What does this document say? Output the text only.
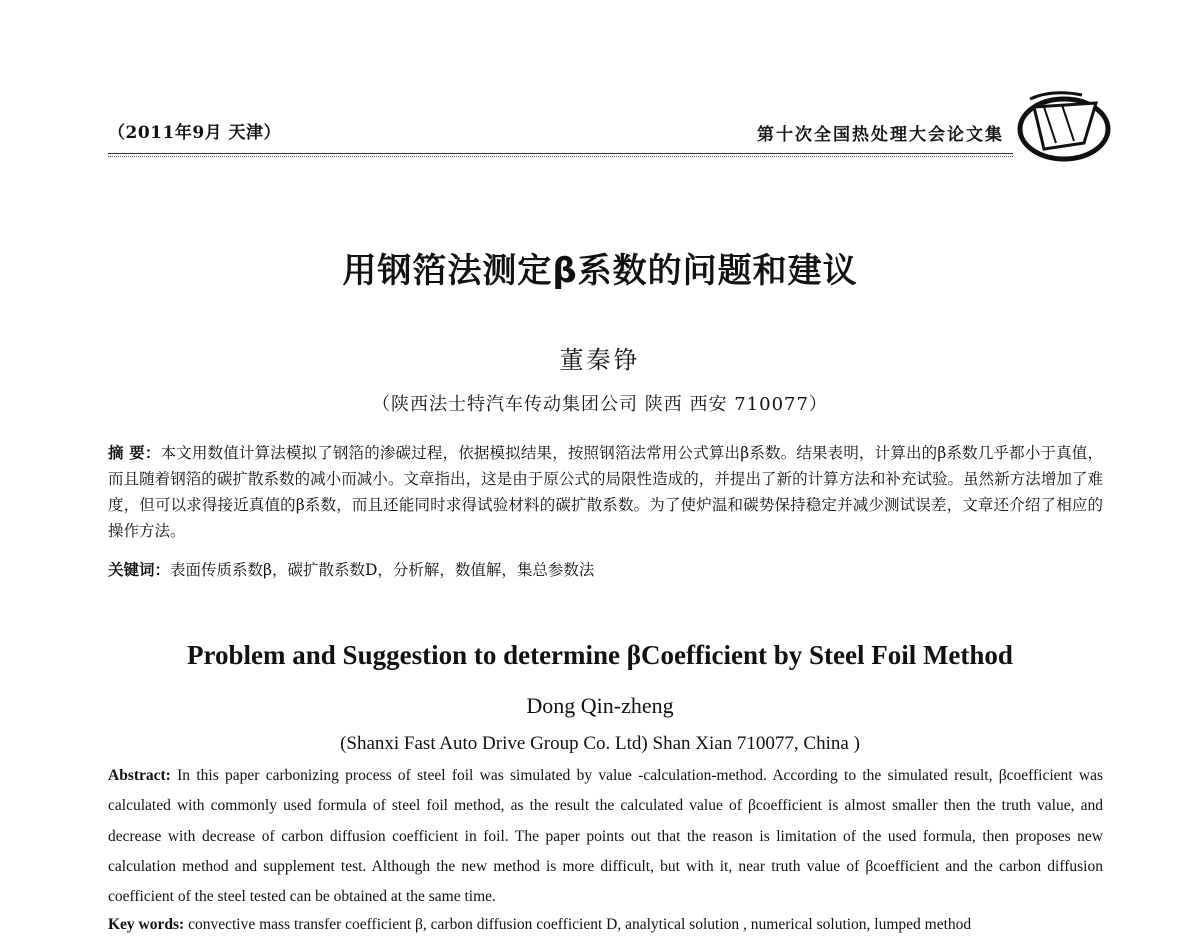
（2011年9月 天津）	第十次全国热处理大会论文集
用钢箔法测定β系数的问题和建议
董秦铮
（陕西法士特汽车传动集团公司 陕西 西安 710077）
摘 要：本文用数值计算法模拟了钢箔的渗碳过程，依据模拟结果，按照钢箔法常用公式算出β系数。结果表明，计算出的β系数几乎都小于真值，而且随着钢箔的碳扩散系数的减小而减小。文章指出，这是由于原公式的局限性造成的，并提出了新的计算方法和补充试验。虽然新方法增加了难度，但可以求得接近真值的β系数，而且还能同时求得试验材料的碳扩散系数。为了使炉温和碳势保持稳定并减少测试误差，文章还介绍了相应的操作方法。
关键词：表面传质系数β，碳扩散系数D，分析解，数值解，集总参数法
Problem and Suggestion to determine βCoefficient by Steel Foil Method
Dong Qin-zheng
(Shanxi Fast Auto Drive Group Co. Ltd) Shan Xian 710077, China )
Abstract: In this paper carbonizing process of steel foil was simulated by value -calculation-method. According to the simulated result, βcoefficient was calculated with commonly used formula of steel foil method, as the result the calculated value of βcoefficient is almost smaller then the truth value, and decrease with decrease of carbon diffusion coefficient in foil. The paper points out that the reason is limitation of the used formula, then proposes new calculation method and supplement test. Although the new method is more difficult, but with it, near truth value of βcoefficient and the carbon diffusion coefficient of the steel tested can be obtained at the same time.
Key words: convective mass transfer coefficient β, carbon diffusion coefficient D, analytical solution , numerical solution, lumped method
